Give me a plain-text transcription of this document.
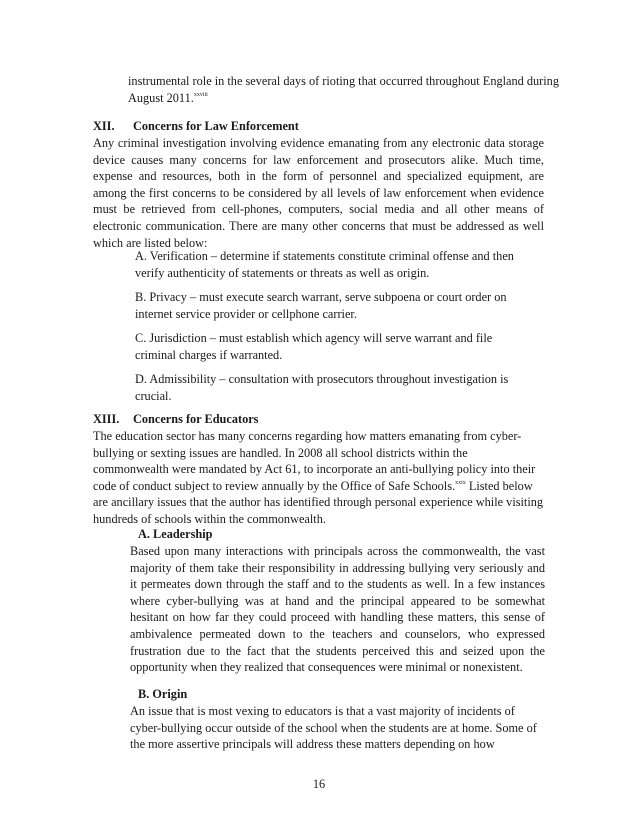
instrumental role in the several days of rioting that occurred throughout England during August 2011.$^{xxviii}$

XII. Concerns for Law Enforcement

Any criminal investigation involving evidence emanating from any electronic data storage device causes many concerns for law enforcement and prosecutors alike. Much time, expense and resources, both in the form of personnel and specialized equipment, are among the first concerns to be considered by all levels of law enforcement when evidence must be retrieved from cell-phones, computers, social media and all other means of electronic communication. There are many other concerns that must be addressed as well which are listed below:

A. Verification – determine if statements constitute criminal offense and then verify authenticity of statements or threats as well as origin.

B. Privacy – must execute search warrant, serve subpoena or court order on internet service provider or cellphone carrier.

C. Jurisdiction – must establish which agency will serve warrant and file criminal charges if warranted.

D. Admissibility – consultation with prosecutors throughout investigation is crucial.

XIII. Concerns for Educators

The education sector has many concerns regarding how matters emanating from cyber-bullying or sexting issues are handled. In 2008 all school districts within the commonwealth were mandated by Act 61, to incorporate an anti-bullying policy into their code of conduct subject to review annually by the Office of Safe Schools.$^{xxix}$ Listed below are ancillary issues that the author has identified through personal experience while visiting hundreds of schools within the commonwealth.

A. Leadership

Based upon many interactions with principals across the commonwealth, the vast majority of them take their responsibility in addressing bullying very seriously and it permeates down through the staff and to the students as well. In a few instances where cyber-bullying was at hand and the principal appeared to be somewhat hesitant on how far they could proceed with handling these matters, this sense of ambivalence permeated down to the teachers and counselors, who expressed frustration due to the fact that the students perceived this and seized upon the opportunity when they realized that consequences were minimal or nonexistent.

B. Origin

An issue that is most vexing to educators is that a vast majority of incidents of cyber-bullying occur outside of the school when the students are at home. Some of the more assertive principals will address these matters depending on how

16
